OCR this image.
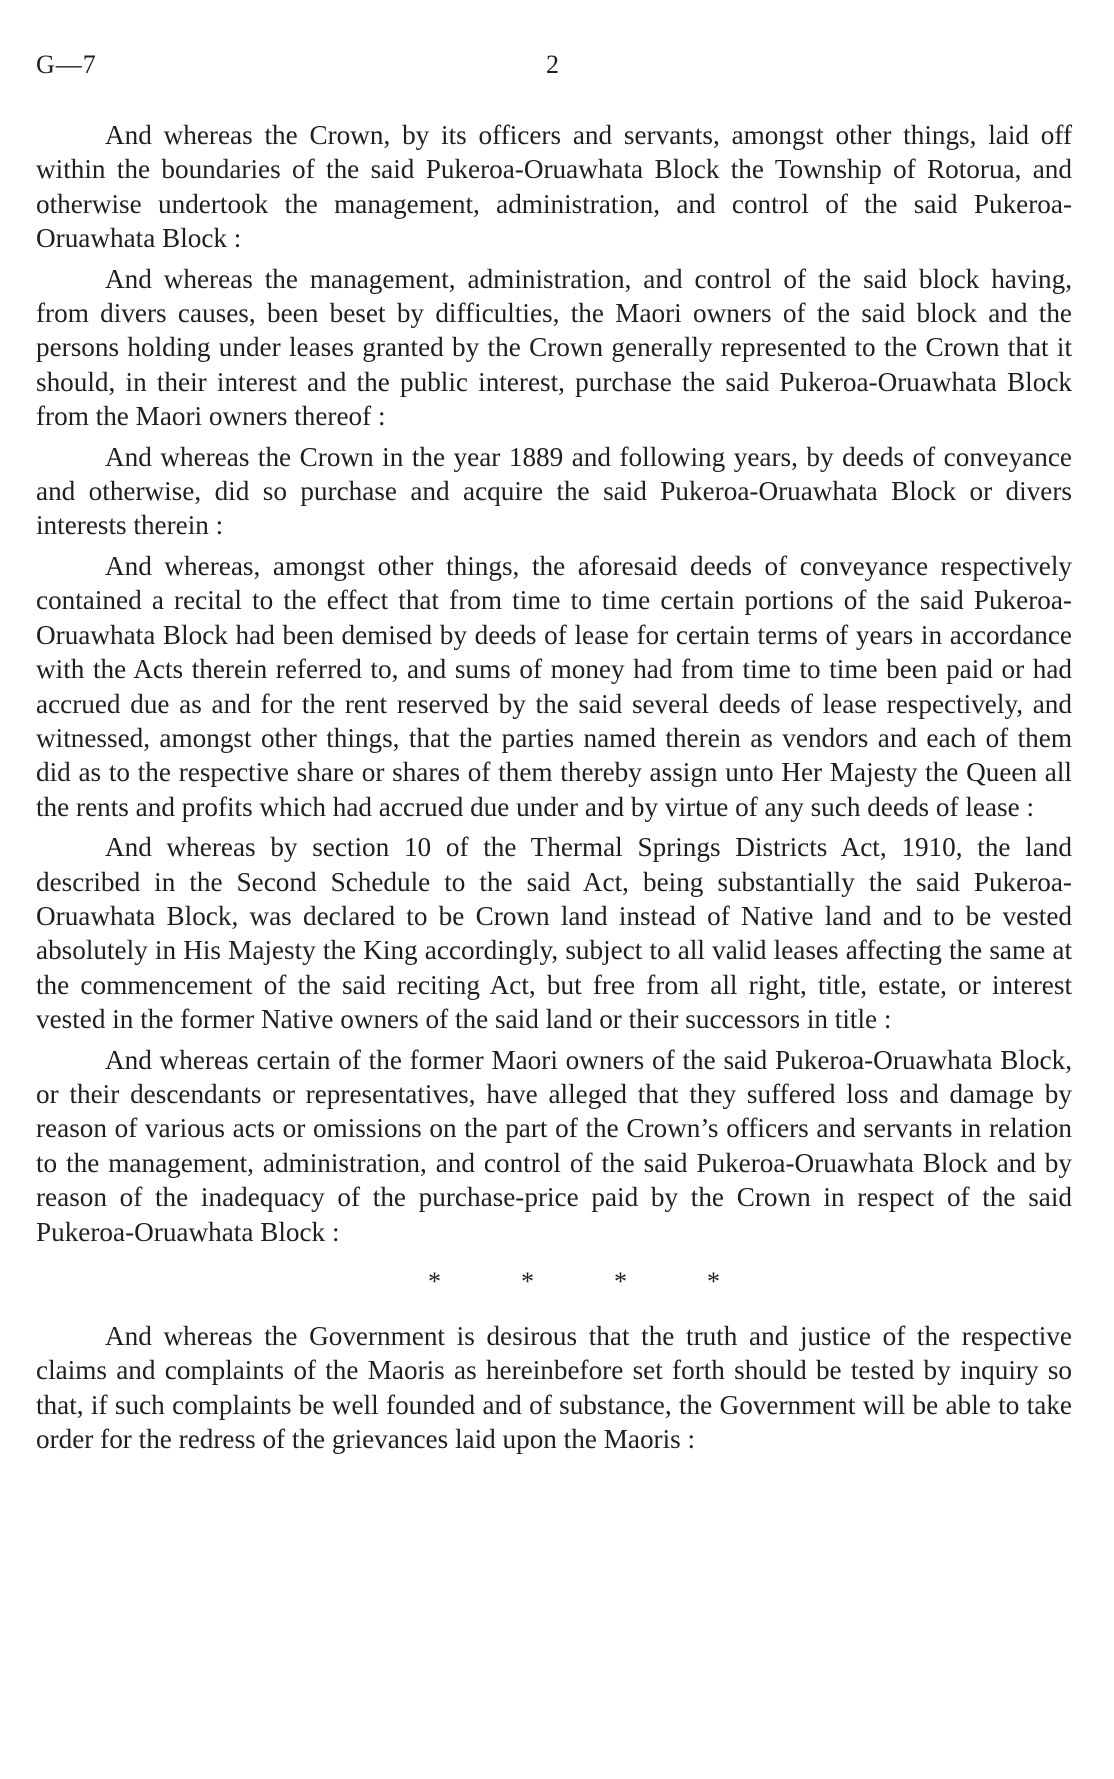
G—7	2

And whereas the Crown, by its officers and servants, amongst other things, laid off within the boundaries of the said Pukeroa-Oruawhata Block the Township of Rotorua, and otherwise undertook the management, administration, and control of the said Pukeroa-Oruawhata Block :

And whereas the management, administration, and control of the said block having, from divers causes, been beset by difficulties, the Maori owners of the said block and the persons holding under leases granted by the Crown generally represented to the Crown that it should, in their interest and the public interest, purchase the said Pukeroa-Oruawhata Block from the Maori owners thereof :

And whereas the Crown in the year 1889 and following years, by deeds of conveyance and otherwise, did so purchase and acquire the said Pukeroa-Oruawhata Block or divers interests therein :

And whereas, amongst other things, the aforesaid deeds of conveyance respectively contained a recital to the effect that from time to time certain portions of the said Pukeroa-Oruawhata Block had been demised by deeds of lease for certain terms of years in accordance with the Acts therein referred to, and sums of money had from time to time been paid or had accrued due as and for the rent reserved by the said several deeds of lease respectively, and witnessed, amongst other things, that the parties named therein as vendors and each of them did as to the respective share or shares of them thereby assign unto Her Majesty the Queen all the rents and profits which had accrued due under and by virtue of any such deeds of lease :

And whereas by section 10 of the Thermal Springs Districts Act, 1910, the land described in the Second Schedule to the said Act, being substantially the said Pukeroa-Oruawhata Block, was declared to be Crown land instead of Native land and to be vested absolutely in His Majesty the King accordingly, subject to all valid leases affecting the same at the commencement of the said reciting Act, but free from all right, title, estate, or interest vested in the former Native owners of the said land or their successors in title :

And whereas certain of the former Maori owners of the said Pukeroa-Oruawhata Block, or their descendants or representatives, have alleged that they suffered loss and damage by reason of various acts or omissions on the part of the Crown’s officers and servants in relation to the management, administration, and control of the said Pukeroa-Oruawhata Block and by reason of the inadequacy of the purchase-price paid by the Crown in respect of the said Pukeroa-Oruawhata Block :

*	*	*	*

And whereas the Government is desirous that the truth and justice of the respective claims and complaints of the Maoris as hereinbefore set forth should be tested by inquiry so that, if such complaints be well founded and of substance, the Government will be able to take order for the redress of the grievances laid upon the Maoris :
